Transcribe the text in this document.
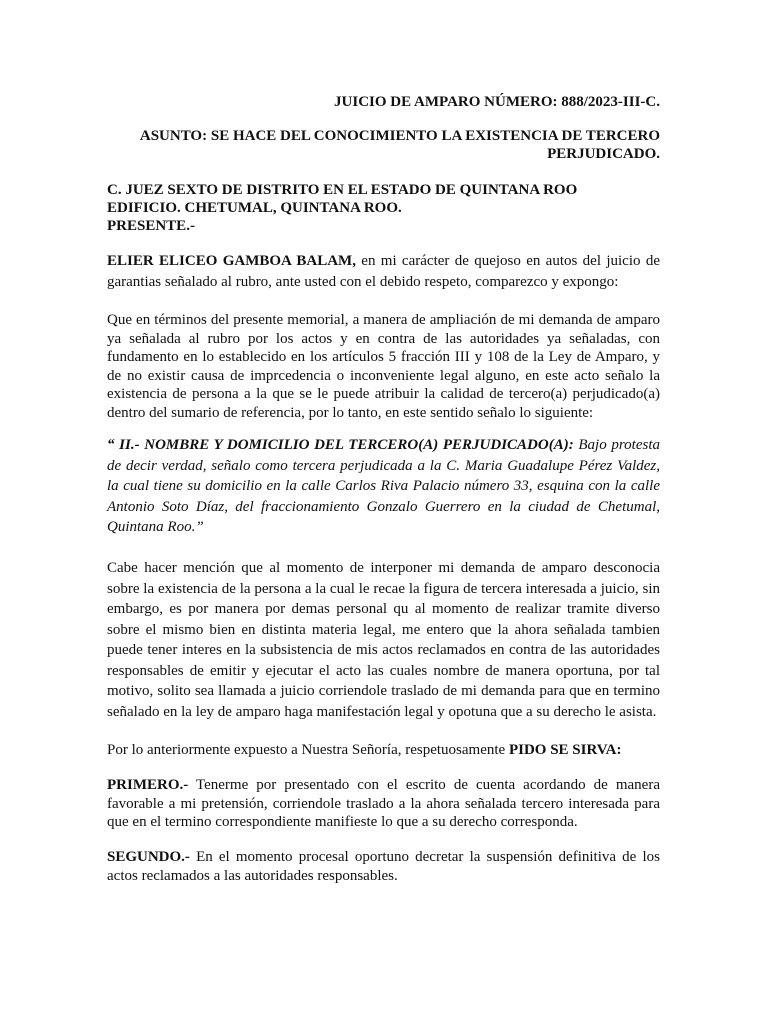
JUICIO DE AMPARO NÚMERO: 888/2023-III-C.

ASUNTO: SE HACE DEL CONOCIMIENTO LA EXISTENCIA DE TERCERO
PERJUDICADO.
C. JUEZ SEXTO DE DISTRITO EN EL ESTADO DE QUINTANA ROO
EDIFICIO. CHETUMAL, QUINTANA ROO.
PRESENTE.-

ELIER ELICEO GAMBOA BALAM, en mi carácter de quejoso en autos del juicio de garantias señalado al rubro, ante usted con el debido respeto, comparezco y expongo:

Que en términos del presente memorial, a manera de ampliación de mi demanda de amparo ya señalada al rubro por los actos y en contra de las autoridades ya señaladas, con fundamento en lo establecido en los artículos 5 fracción III y 108 de la Ley de Amparo, y de no existir causa de imprcedencia o inconveniente legal alguno, en este acto señalo la existencia de persona a la que se le puede atribuir la calidad de tercero(a) perjudicado(a) dentro del sumario de referencia, por lo tanto, en este sentido señalo lo siguiente:

“ II.- NOMBRE Y DOMICILIO DEL TERCERO(A) PERJUDICADO(A): Bajo protesta de decir verdad, señalo como tercera perjudicada a la C. Maria Guadalupe Pérez Valdez, la cual tiene su domicilio en la calle Carlos Riva Palacio número 33, esquina con la calle Antonio Soto Díaz, del fraccionamiento Gonzalo Guerrero en la ciudad de Chetumal, Quintana Roo.”

Cabe hacer mención que al momento de interponer mi demanda de amparo desconocia sobre la existencia de la persona a la cual le recae la figura de tercera interesada a juicio, sin embargo, es por manera por demas personal qu al momento de realizar tramite diverso sobre el mismo bien en distinta materia legal, me entero que la ahora señalada tambien puede tener interes en la subsistencia de mis actos reclamados en contra de las autoridades responsables de emitir y ejecutar el acto las cuales nombre de manera oportuna, por tal motivo, solito sea llamada a juicio corriendole traslado de mi demanda para que en termino señalado en la ley de amparo haga manifestación legal y opotuna que a su derecho le asista.

Por lo anteriormente expuesto a Nuestra Señoría, respetuosamente PIDO SE SIRVA:

PRIMERO.- Tenerme por presentado con el escrito de cuenta acordando de manera favorable a mi pretensión, corriendole traslado a la ahora señalada tercero interesada para que en el termino correspondiente manifieste lo que a su derecho corresponda.

SEGUNDO.- En el momento procesal oportuno decretar la suspensión definitiva de los actos reclamados a las autoridades responsables.
